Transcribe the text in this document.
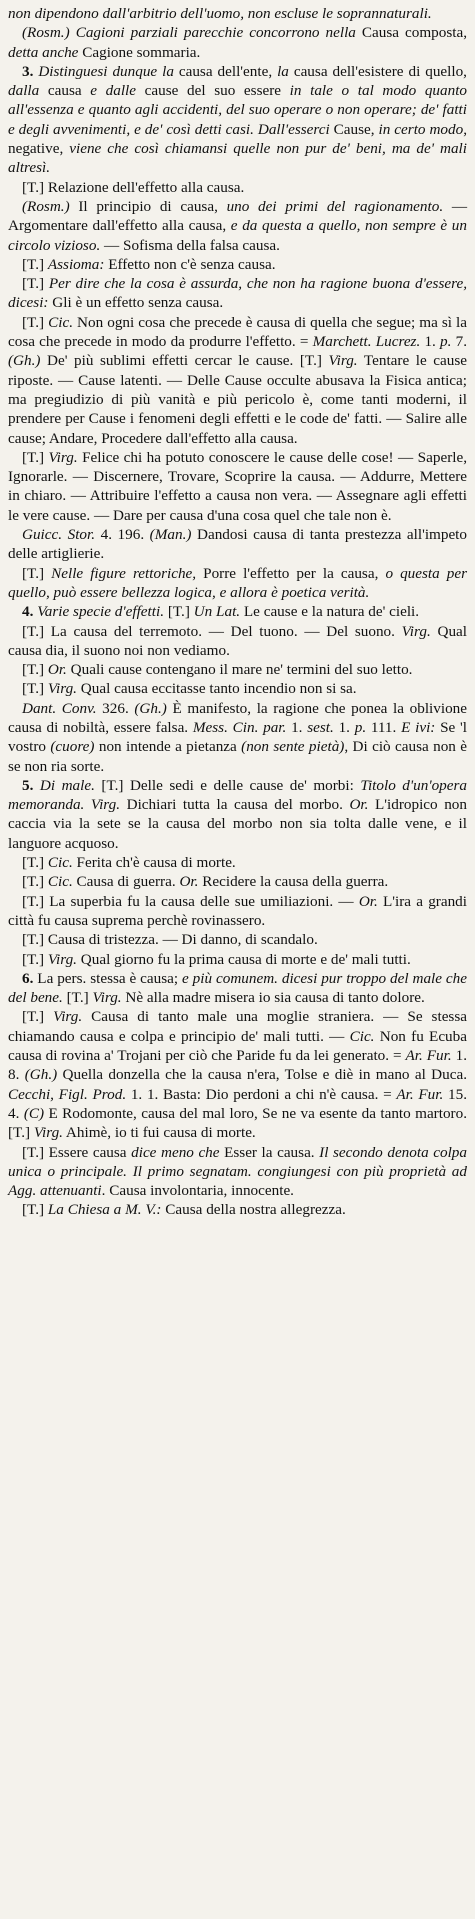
non dipendono dall'arbitrio dell'uomo, non escluse le soprannaturali.

(Rosm.) Cagioni parziali parecchie concorrono nella Causa composta, detta anche Cagione sommaria.

3. Distinguesi dunque la causa dell'ente, la causa dell'esistere di quello, dalla causa e dalle cause del suo essere in tale o tal modo quanto all'essenza e quanto agli accidenti, del suo operare o non operare; de' fatti e degli avvenimenti, e de' così detti casi. Dall'esserci Cause, in certo modo, negative, viene che così chiamansi quelle non pur de' beni, ma de' mali altresì.

[T.] Relazione dell'effetto alla causa.

(Rosm.) Il principio di causa, uno dei primi del ragionamento. — Argomentare dall'effetto alla causa, e da questa a quello, non sempre è un circolo vizioso. — Sofisma della falsa causa.

[T.] Assioma: Effetto non c'è senza causa.

[T.] Per dire che la cosa è assurda, che non ha ragione buona d'essere, dicesi: Gli è un effetto senza causa.

[T.] Cic. Non ogni cosa che precede è causa di quella che segue; ma sì la cosa che precede in modo da produrre l'effetto. = Marchett. Lucrez. 1. p. 7. (Gh.) De' più sublimi effetti cercar le cause. [T.] Virg. Tentare le cause riposte. — Cause latenti. — Delle Cause occulte abusava la Fisica antica; ma pregiudizio di più vanità e più pericolo è, come tanti moderni, il prendere per Cause i fenomeni degli effetti e le code de' fatti. — Salire alle cause; Andare, Procedere dall'effetto alla causa.

[T.] Virg. Felice chi ha potuto conoscere le cause delle cose! — Saperle, Ignorarle. — Discernere, Trovare, Scoprire la causa. — Addurre, Mettere in chiaro. — Attribuire l'effetto a causa non vera. — Assegnare agli effetti le vere cause. — Dare per causa d'una cosa quel che tale non è.

Guicc. Stor. 4. 196. (Man.) Dandosi causa di tanta prestezza all'impeto delle artiglierie.

[T.] Nelle figure rettoriche, Porre l'effetto per la causa, o questa per quello, può essere bellezza logica, e allora è poetica verità.

4. Varie specie d'effetti. [T.] Un Lat. Le cause e la natura de' cieli.

[T.] La causa del terremoto. — Del tuono. — Del suono. Virg. Qual causa dia, il suono noi non vediamo.

[T.] Or. Quali cause contengano il mare ne' termini del suo letto.

[T.] Virg. Qual causa eccitasse tanto incendio non si sa.

Dant. Conv. 326. (Gh.) È manifesto, la ragione che ponea la oblivione causa di nobiltà, essere falsa. Mess. Cin. par. 1. sest. 1. p. 111. E ivi: Se 'l vostro (cuore) non intende a pietanza (non sente pietà), Di ciò causa non è se non ria sorte.

5. Di male. [T.] Delle sedi e delle cause de' morbi: Titolo d'un'opera memoranda. Virg. Dichiari tutta la causa del morbo. Or. L'idropico non caccia via la sete se la causa del morbo non sia tolta dalle vene, e il languore acquoso.

[T.] Cic. Ferita ch'è causa di morte.

[T.] Cic. Causa di guerra. Or. Recidere la causa della guerra.

[T.] La superbia fu la causa delle sue umiliazioni. — Or. L'ira a grandi città fu causa suprema perchè rovinassero.

[T.] Causa di tristezza. — Di danno, di scandalo.

[T.] Virg. Qual giorno fu la prima causa di morte e de' mali tutti.

6. La pers. stessa è causa; e più comunem. dicesi pur troppo del male che del bene. [T.] Virg. Nè alla madre misera io sia causa di tanto dolore.

[T.] Virg. Causa di tanto male una moglie straniera. — Se stessa chiamando causa e colpa e principio de' mali tutti. — Cic. Non fu Ecuba causa di rovina a' Trojani per ciò che Paride fu da lei generato. = Ar. Fur. 1. 8. (Gh.) Quella donzella che la causa n'era, Tolse e diè in mano al Duca. Cecchi, Figl. Prod. 1. 1. Basta: Dio perdoni a chi n'è causa. = Ar. Fur. 15. 4. (C) E Rodomonte, causa del mal loro, Se ne va esente da tanto martoro. [T.] Virg. Ahimè, io ti fui causa di morte.

[T.] Essere causa dice meno che Esser la causa. Il secondo denota colpa unica o principale. Il primo segnatam. congiungesi con più proprietà ad Agg. attenuanti. Causa involontaria, innocente.

[T.] La Chiesa a M. V.: Causa della nostra allegrezza.
